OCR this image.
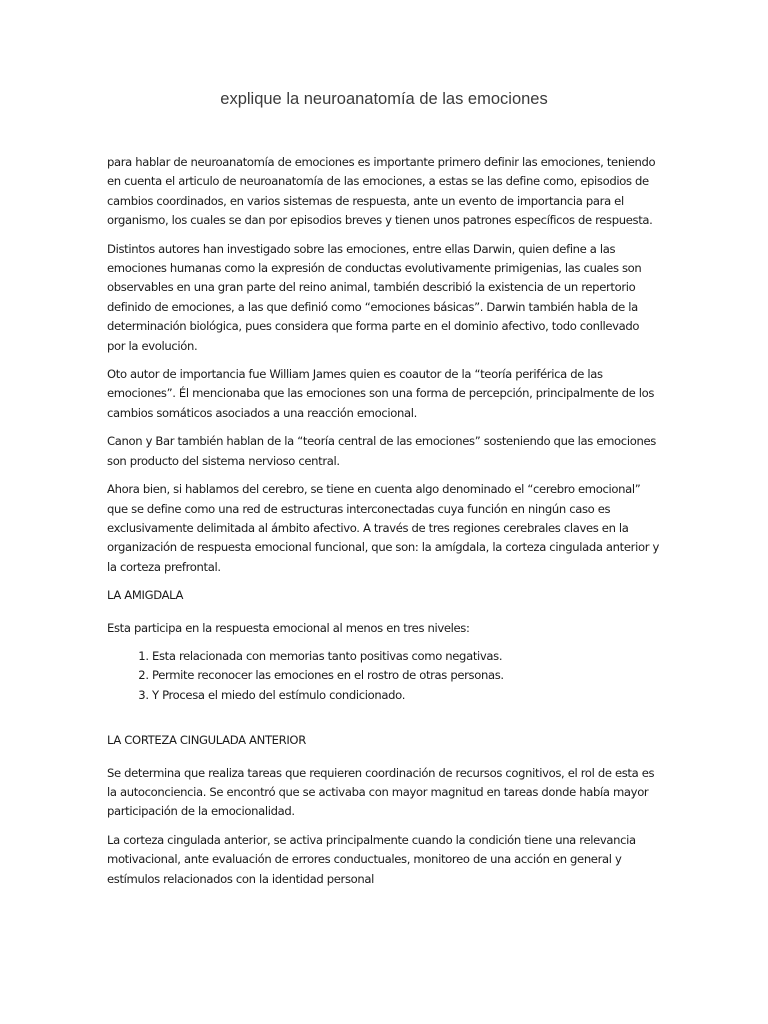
explique la neuroanatomía de las emociones

para hablar de neuroanatomía de emociones es importante primero definir las emociones, teniendo en cuenta el articulo de neuroanatomía de las emociones, a estas se las define como, episodios de cambios coordinados, en varios sistemas de respuesta, ante un evento de importancia para el organismo, los cuales se dan por episodios breves y tienen unos patrones específicos de respuesta.

Distintos autores han investigado sobre las emociones, entre ellas Darwin, quien define a las emociones humanas como la expresión de conductas evolutivamente primigenias, las cuales son observables en una gran parte del reino animal, también describió la existencia de un repertorio definido de emociones, a las que definió como “emociones básicas”. Darwin también habla de la determinación biológica, pues considera que forma parte en el dominio afectivo, todo conllevado por la evolución.

Oto autor de importancia fue William James quien es coautor de la “teoría periférica de las emociones”. Él mencionaba que las emociones son una forma de percepción, principalmente de los cambios somáticos asociados a una reacción emocional.

Canon y Bar también hablan de la “teoría central de las emociones” sosteniendo que las emociones son producto del sistema nervioso central.

Ahora bien, si hablamos del cerebro, se tiene en cuenta algo denominado el “cerebro emocional” que se define como una red de estructuras interconectadas cuya función en ningún caso es exclusivamente delimitada al ámbito afectivo. A través de tres regiones cerebrales claves en la organización de respuesta emocional funcional, que son: la amígdala, la corteza cingulada anterior y la corteza prefrontal.

LA AMIGDALA

Esta participa en la respuesta emocional al menos en tres niveles:

1. Esta relacionada con memorias tanto positivas como negativas.
2. Permite reconocer las emociones en el rostro de otras personas.
3. Y Procesa el miedo del estímulo condicionado.

LA CORTEZA CINGULADA ANTERIOR

Se determina que realiza tareas que requieren coordinación de recursos cognitivos, el rol de esta es la autoconciencia. Se encontró que se activaba con mayor magnitud en tareas donde había mayor participación de la emocionalidad.

La corteza cingulada anterior, se activa principalmente cuando la condición tiene una relevancia motivacional, ante evaluación de errores conductuales, monitoreo de una acción en general y estímulos relacionados con la identidad personal
